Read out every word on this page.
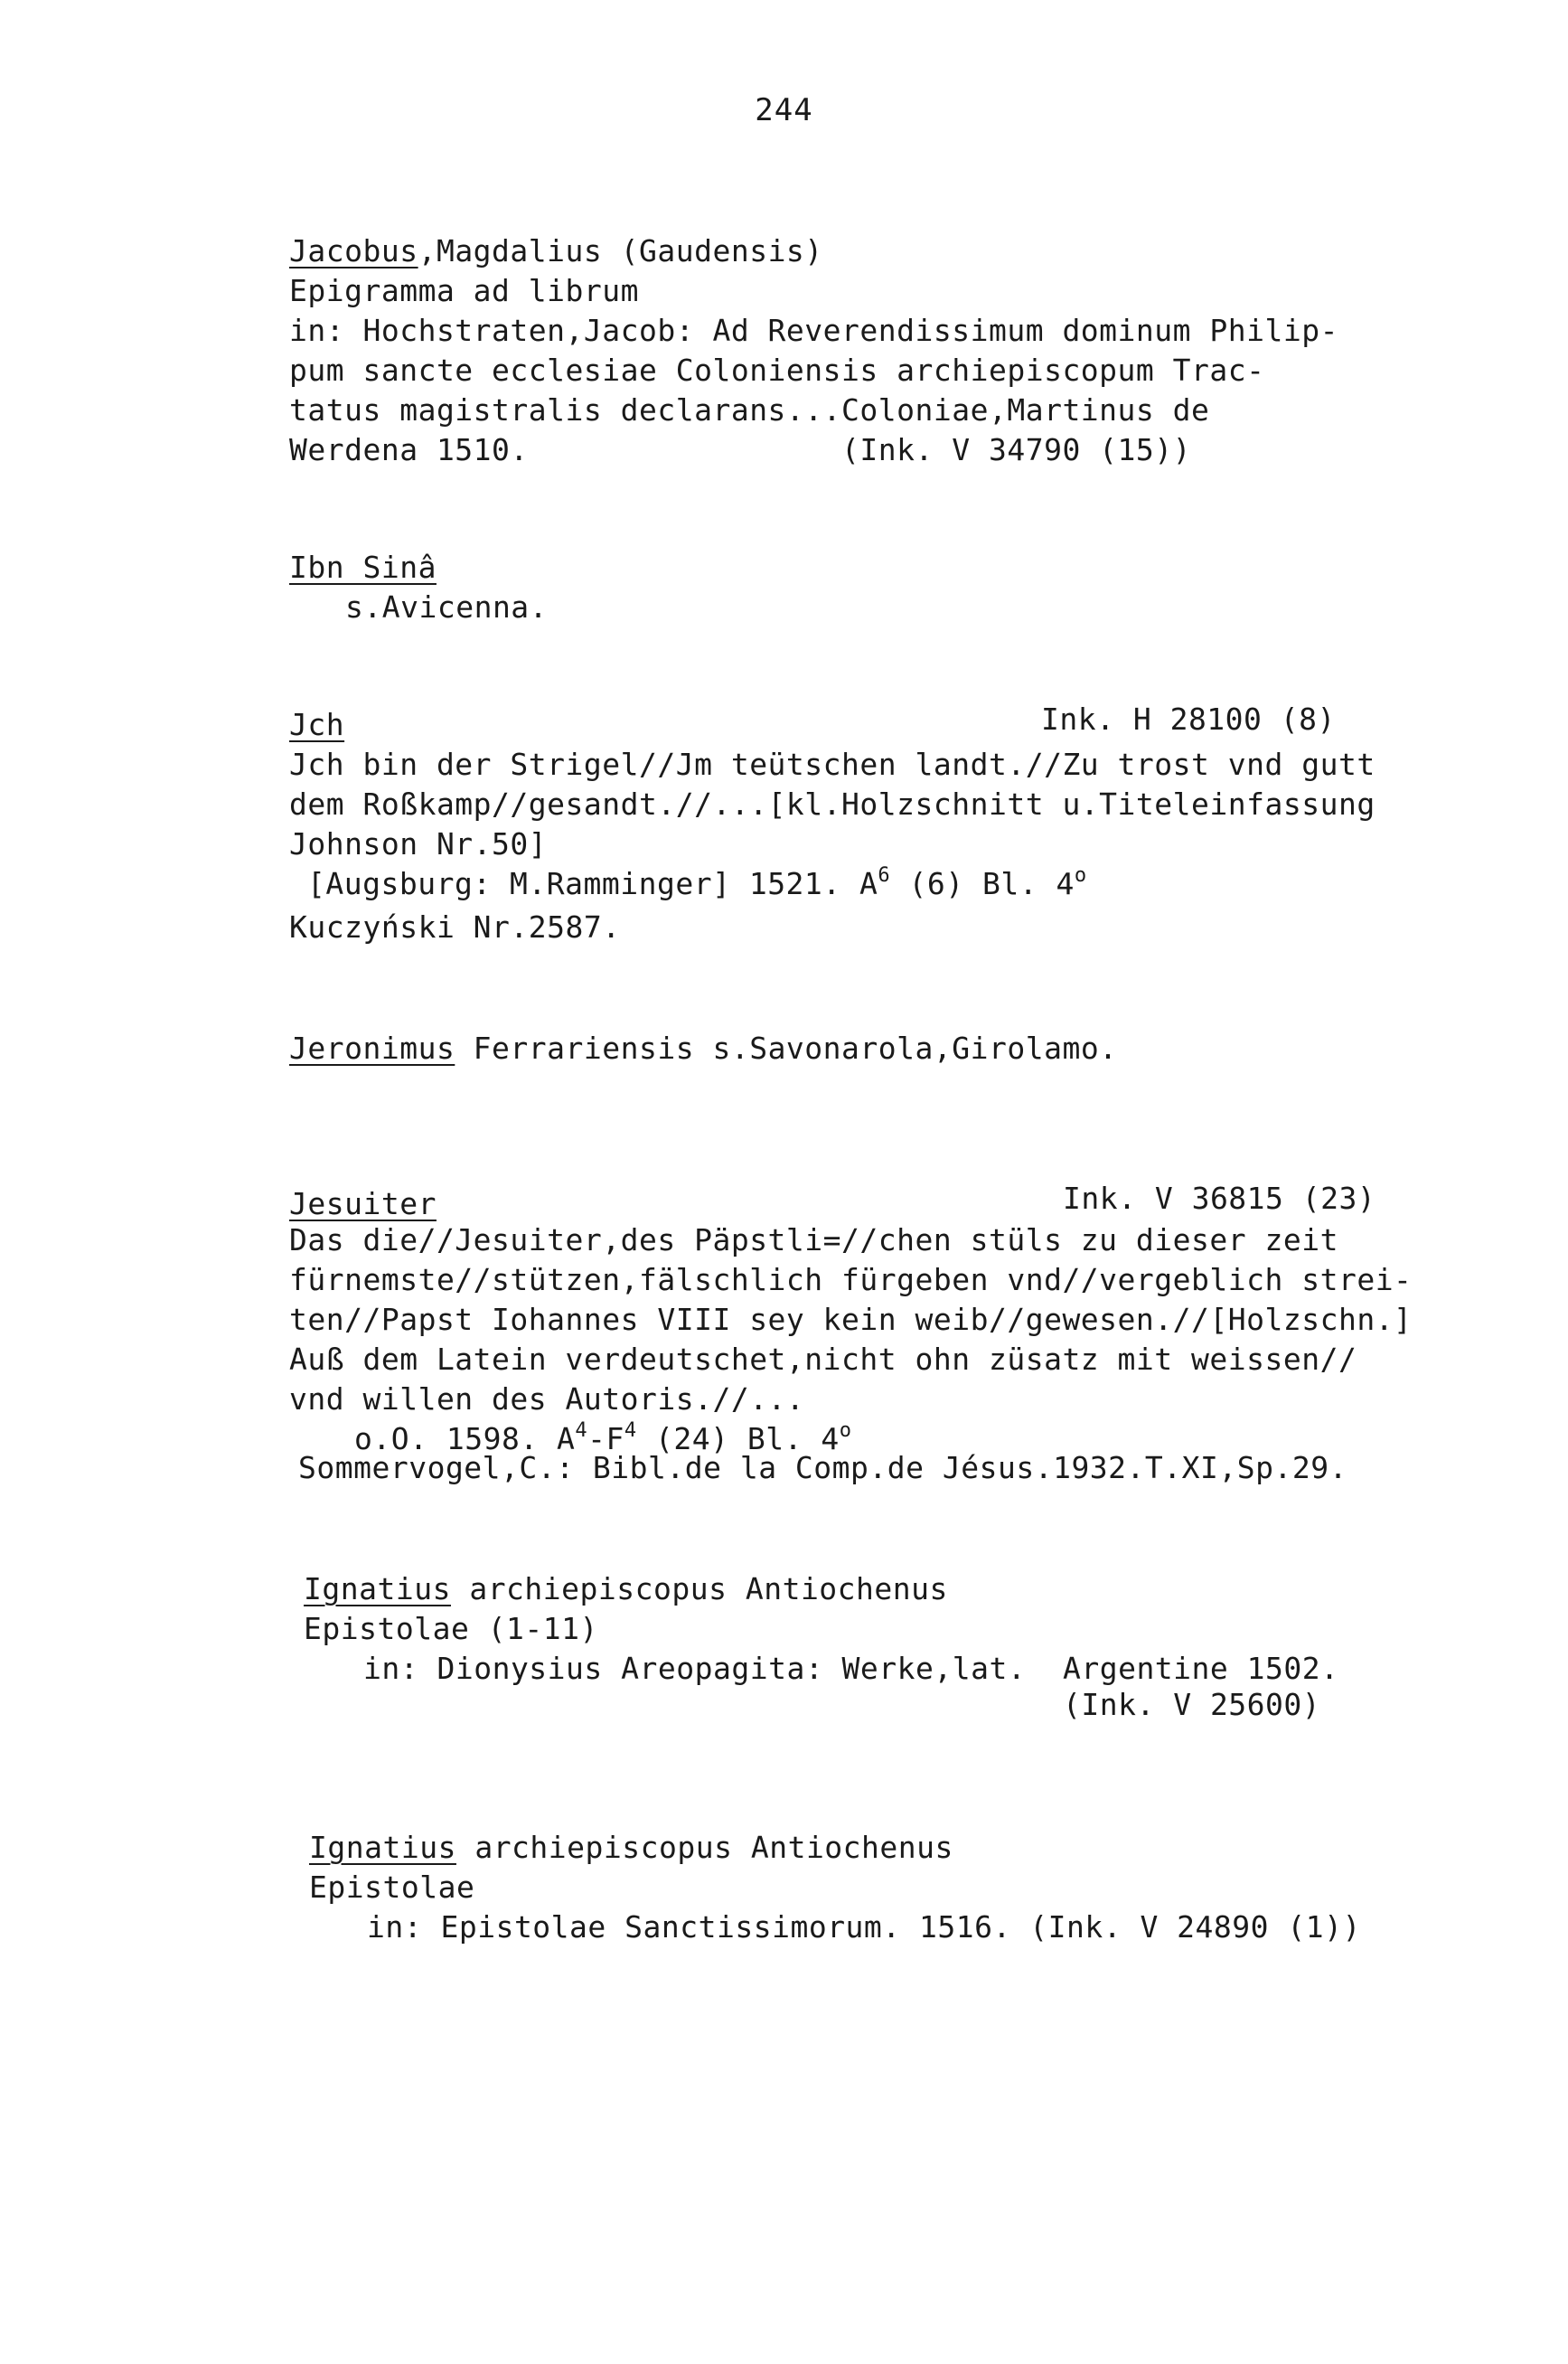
244
Jacobus,Magdalius (Gaudensis)
Epigramma ad librum
in: Hochstraten,Jacob: Ad Reverendissimum dominum Philip-
pum sancte ecclesiae Coloniensis archiepiscopum Trac-
tatus magistralis declarans...Coloniae,Martinus de
Werdena 1510.                 (Ink. V 34790 (15))
Ibn Sinâ
s.Avicenna.
Jch	Ink. H 28100 (8)
Jch bin der Strigel//Jm teütschen landt.//Zu trost vnd gutt
dem Roßkamp//gesandt.//...[kl.Holzschnitt u.Titeleinfassung
Johnson Nr.50]
[Augsburg: M.Ramminger] 1521. $A^6$ (6) Bl. 4$^o$
Kuczyński Nr.2587.
Jeronimus Ferrariensis s.Savonarola,Girolamo.
Jesuiter	Ink. V 36815 (23)
Das die//Jesuiter,des Päpstli=//chen stüls zu dieser zeit
fürnemste//stützen,fälschlich fürgeben vnd//vergeblich strei-
ten//Papst Iohannes VIII sey kein weib//gewesen.//[Holzschn.]
Auß dem Latein verdeutschet,nicht ohn züsatz mit weissen//
vnd willen des Autoris.//...
o.O. 1598. $A^4-F^4$ (24) Bl. 4$^o$
Sommervogel,C.: Bibl.de la Comp.de Jésus.1932.T.XI,Sp.29.
Ignatius archiepiscopus Antiochenus
Epistolae (1-11)
in: Dionysius Areopagita: Werke,lat.  Argentine 1502.
(Ink. V 25600)
Ignatius archiepiscopus Antiochenus
Epistolae
in: Epistolae Sanctissimorum. 1516. (Ink. V 24890 (1))
